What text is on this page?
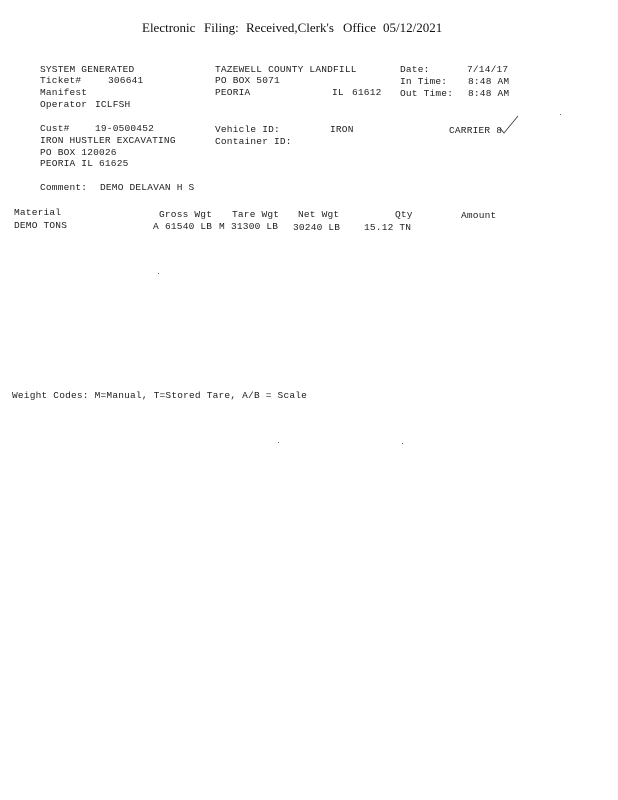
Electronic Filing: Received,Clerk's Office 05/12/2021
SYSTEM GENERATED
Ticket#	306641
Manifest
Operator ICLFSH
TAZEWELL COUNTY LANDFILL
PO BOX 5071
PEORIA	IL 61612
Date:	7/14/17
In Time: 8:48 AM
Out Time: 8:48 AM
Cust#	19-0500452
IRON HUSTLER EXCAVATING
PO BOX 120026
PEORIA IL 61625
Vehicle ID:	IRON
Container ID:
CARRIER 8
Comment: DEMO DELAVAN H S
Material	Gross Wgt Tare Wgt Net Wgt	Qty	Amount
DEMO TONS	A 61540 LB M 31300 LB 30240 LB	15.12 TN
Weight Codes: M=Manual, T=Stored Tare, A/B = Scale
